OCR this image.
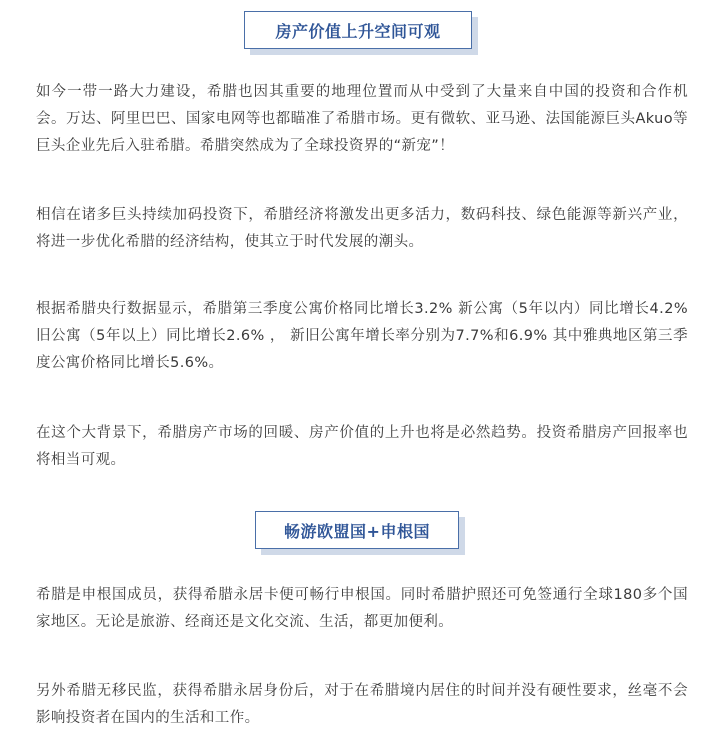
房产价值上升空间可观

如今一带一路大力建设，希腊也因其重要的地理位置而从中受到了大量来自中国的投资和合作机会。万达、阿里巴巴、国家电网等也都瞄准了希腊市场。更有微软、亚马逊、法国能源巨头Akuo等巨头企业先后入驻希腊。希腊突然成为了全球投资界的“新宠”！

相信在诸多巨头持续加码投资下，希腊经济将激发出更多活力，数码科技、绿色能源等新兴产业，将进一步优化希腊的经济结构，使其立于时代发展的潮头。

根据希腊央行数据显示，希腊第三季度公寓价格同比增长3.2% 新公寓（5年以内）同比增长4.2% 旧公寓（5年以上）同比增长2.6% ， 新旧公寓年增长率分别为7.7%和6.9% 其中雅典地区第三季度公寓价格同比增长5.6%。

在这个大背景下，希腊房产市场的回暖、房产价值的上升也将是必然趋势。投资希腊房产回报率也将相当可观。

畅游欧盟国+申根国

希腊是申根国成员，获得希腊永居卡便可畅行申根国。同时希腊护照还可免签通行全球180多个国家地区。无论是旅游、经商还是文化交流、生活，都更加便利。

另外希腊无移民监，获得希腊永居身份后，对于在希腊境内居住的时间并没有硬性要求，丝毫不会影响投资者在国内的生活和工作。
